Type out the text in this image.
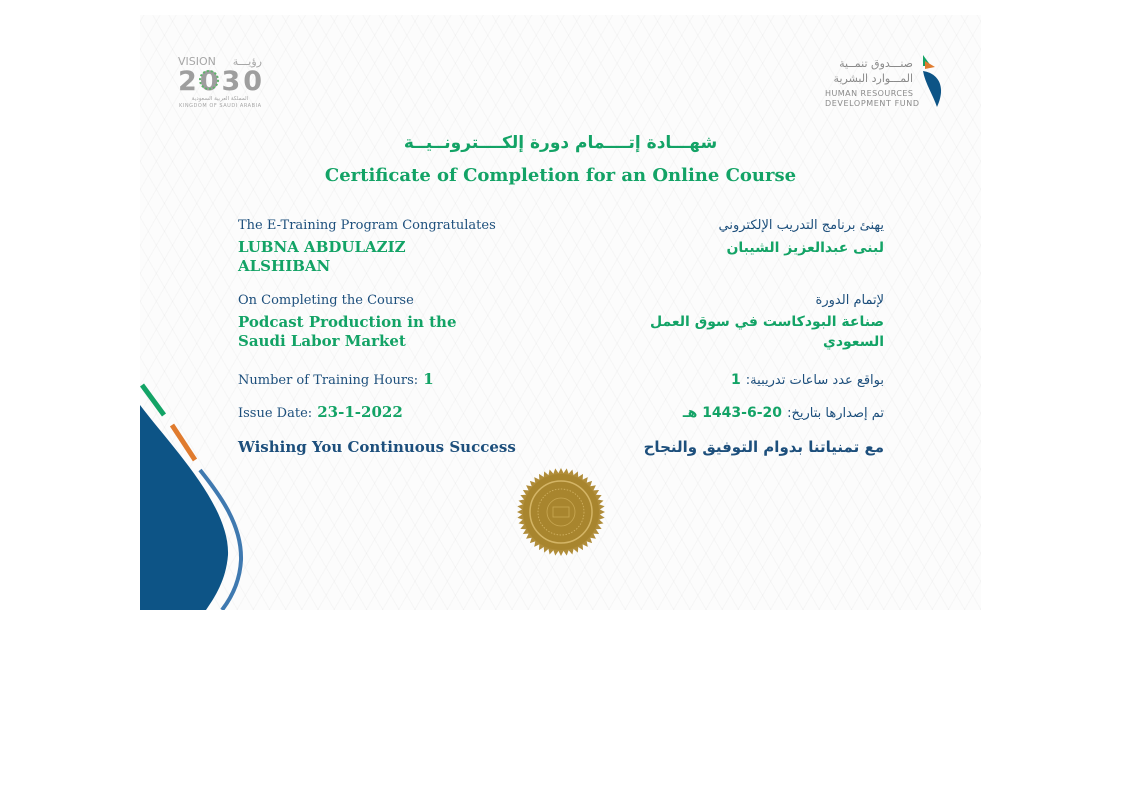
VISION رؤيـــة
2030
المملكة العربية السعودية
KINGDOM OF SAUDI ARABIA
صنـــدوق تنمــية
المـــوارد البشرية
HUMAN RESOURCES
DEVELOPMENT FUND
شهـــادة إتــــمام دورة إلكــــترونــيــة
Certificate of Completion for an Online Course
The E-Training Program Congratulates
LUBNA ABDULAZIZ
ALSHIBAN
يهنئ برنامج التدريب الإلكتروني
لبنى عبدالعزيز الشيبان
On Completing the Course
Podcast Production in the
Saudi Labor Market
لإتمام الدورة
صناعة البودكاست في سوق العمل
السعودي
Number of Training Hours: 1	بواقع عدد ساعات تدريبية: 1
Issue Date: 23-1-2022	تم إصدارها بتاريخ: 20-6-1443 هـ
Wishing You Continuous Success	مع تمنياتنا بدوام التوفيق والنجاح
